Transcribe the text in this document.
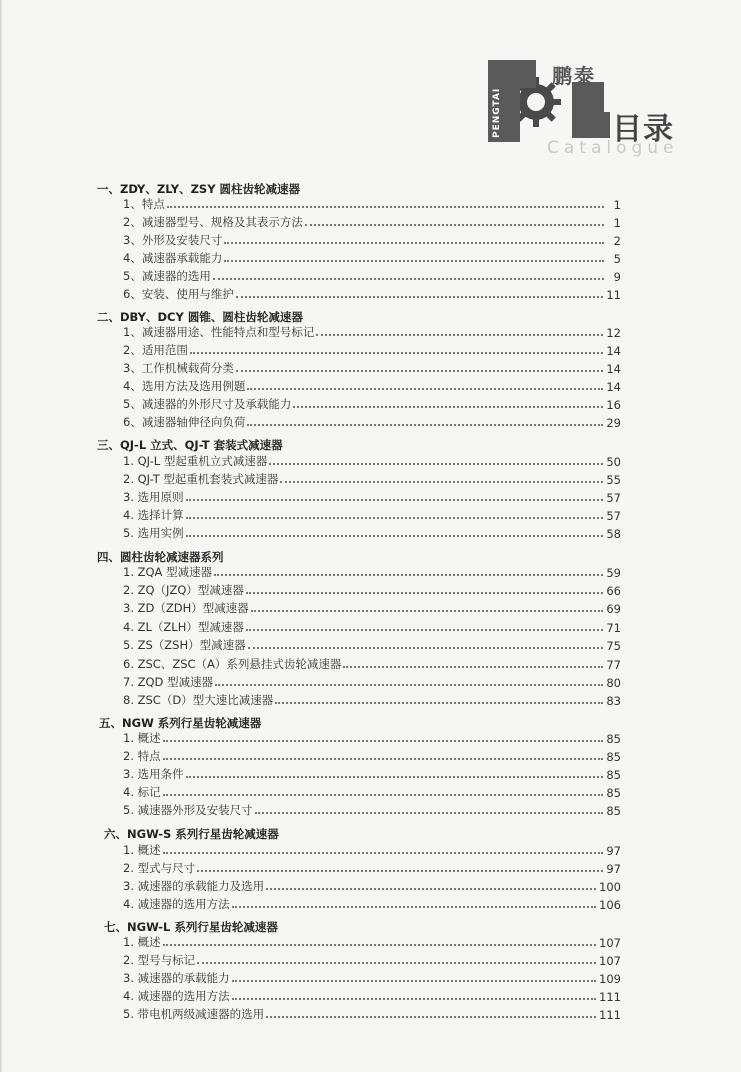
PENGTAI
鹏泰
目录
Catalogue
一、ZDY、ZLY、ZSY 圆柱齿轮减速器
1、特点	1
2、减速器型号、规格及其表示方法	1
3、外形及安装尺寸	2
4、减速器承载能力	5
5、减速器的选用	9
6、安装、使用与维护	11
二、DBY、DCY 圆锥、圆柱齿轮减速器
1、减速器用途、性能特点和型号标记	12
2、适用范围	14
3、工作机械载荷分类	14
4、选用方法及选用例题	14
5、减速器的外形尺寸及承载能力	16
6、减速器轴伸径向负荷	29
三、QJ-L 立式、QJ-T 套装式减速器
1. QJ-L 型起重机立式减速器	50
2. QJ-T 型起重机套装式减速器	55
3. 选用原则	57
4. 选择计算	57
5. 选用实例	58
四、圆柱齿轮减速器系列
1. ZQA 型减速器	59
2. ZQ（JZQ）型减速器	66
3. ZD（ZDH）型减速器	69
4. ZL（ZLH）型减速器	71
5. ZS（ZSH）型减速器	75
6. ZSC、ZSC（A）系列悬挂式齿轮减速器	77
7. ZQD 型减速器	80
8. ZSC（D）型大速比减速器	83
五、NGW 系列行星齿轮减速器
1. 概述	85
2. 特点	85
3. 选用条件	85
4. 标记	85
5. 减速器外形及安装尺寸	85
六、NGW-S 系列行星齿轮减速器
1. 概述	97
2. 型式与尺寸	97
3. 减速器的承载能力及选用	100
4. 减速器的选用方法	106
七、NGW-L 系列行星齿轮减速器
1. 概述	107
2. 型号与标记	107
3. 减速器的承载能力	109
4. 减速器的选用方法	111
5. 带电机两级减速器的选用	111
